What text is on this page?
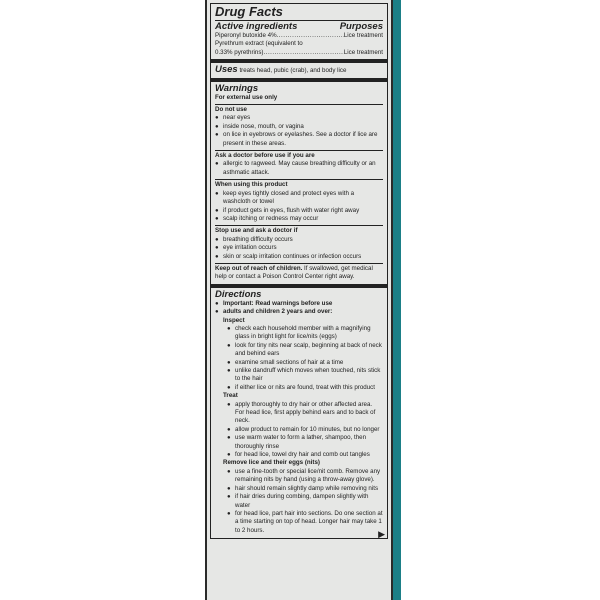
Drug Facts
Active ingredients	Purposes
Piperonyl butoxide 4% .....	Lice treatment
Pyrethrum extract (equivalent to
0.33% pyrethrins) .....	Lice treatment
Uses treats head, pubic (crab), and body lice
Warnings
For external use only
Do not use
● near eyes
● inside nose, mouth, or vagina
● on lice in eyebrows or eyelashes. See a doctor if lice are present in these areas.
Ask a doctor before use if you are
● allergic to ragweed. May cause breathing difficulty or an asthmatic attack.
When using this product
● keep eyes tightly closed and protect eyes with a washcloth or towel
● if product gets in eyes, flush with water right away
● scalp itching or redness may occur
Stop use and ask a doctor if
● breathing difficulty occurs
● eye irritation occurs
● skin or scalp irritation continues or infection occurs
Keep out of reach of children. If swallowed, get medical help or contact a Poison Control Center right away.
Directions
● Important: Read warnings before use
● adults and children 2 years and over:
Inspect
● check each household member with a magnifying glass in bright light for lice/nits (eggs)
● look for tiny nits near scalp, beginning at back of neck and behind ears
● examine small sections of hair at a time
● unlike dandruff which moves when touched, nits stick to the hair
● if either lice or nits are found, treat with this product
Treat
● apply thoroughly to dry hair or other affected area. For head lice, first apply behind ears and to back of neck.
● allow product to remain for 10 minutes, but no longer
● use warm water to form a lather, shampoo, then thoroughly rinse
● for head lice, towel dry hair and comb out tangles
Remove lice and their eggs (nits)
● use a fine-tooth or special lice/nit comb. Remove any remaining nits by hand (using a throw-away glove).
● hair should remain slightly damp while removing nits
● if hair dries during combing, dampen slightly with water
● for head lice, part hair into sections. Do one section at a time starting on top of head. Longer hair may take 1 to 2 hours.	▶
